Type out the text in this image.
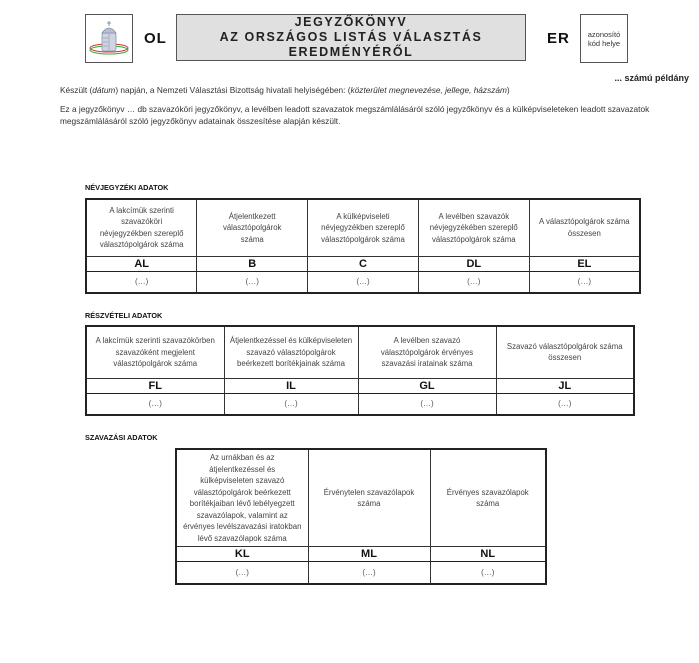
OL
JEGYZŐKÖNYV
AZ ORSZÁGOS LISTÁS VÁLASZTÁS EREDMÉNYÉRŐL
ER azonosító
kód helye
... számú példány
Készült (dátum) napján, a Nemzeti Választási Bizottság hivatali helyiségében: (közterület megnevezése, jellege, házszám)
Ez a jegyzőkönyv … db szavazóköri jegyzőkönyv, a levélben leadott szavazatok megszámlálásáról szóló jegyzőkönyv és a külképviseleteken leadott szavazatok megszámlálásáról szóló jegyzőkönyv adatainak összesítése alapján készült.
NÉVJEGYZÉKI ADATOK
A lakcímük szerinti szavazóköri névjegyzékben szereplő választópolgárok száma	Átjelentkezett választópolgárok száma	A külképviseleti névjegyzékben szereplő választópolgárok száma	A levélben szavazók névjegyzékében szereplő választópolgárok száma	A választópolgárok száma összesen
AL	B	C	DL	EL
(…)	(…)	(…)	(…)	(…)
RÉSZVÉTELI ADATOK
A lakcímük szerinti szavazókörben szavazóként megjelent választópolgárok száma	Átjelentkezéssel és külképviseleten szavazó választópolgárok beérkezett borítékjainak száma	A levélben szavazó választópolgárok érvényes szavazási iratainak száma	Szavazó választópolgárok száma összesen
FL	IL	GL	JL
(…)	(…)	(…)	(…)
SZAVAZÁSI ADATOK
Az urnákban és az átjelentkezéssel és külképviseleten szavazó választópolgárok beérkezett borítékjaiban lévő lebélyegzett szavazólapok, valamint az érvényes levélszavazási iratokban lévő szavazólapok száma	Érvénytelen szavazólapok száma	Érvényes szavazólapok száma
KL	ML	NL
(…)	(…)	(…)
